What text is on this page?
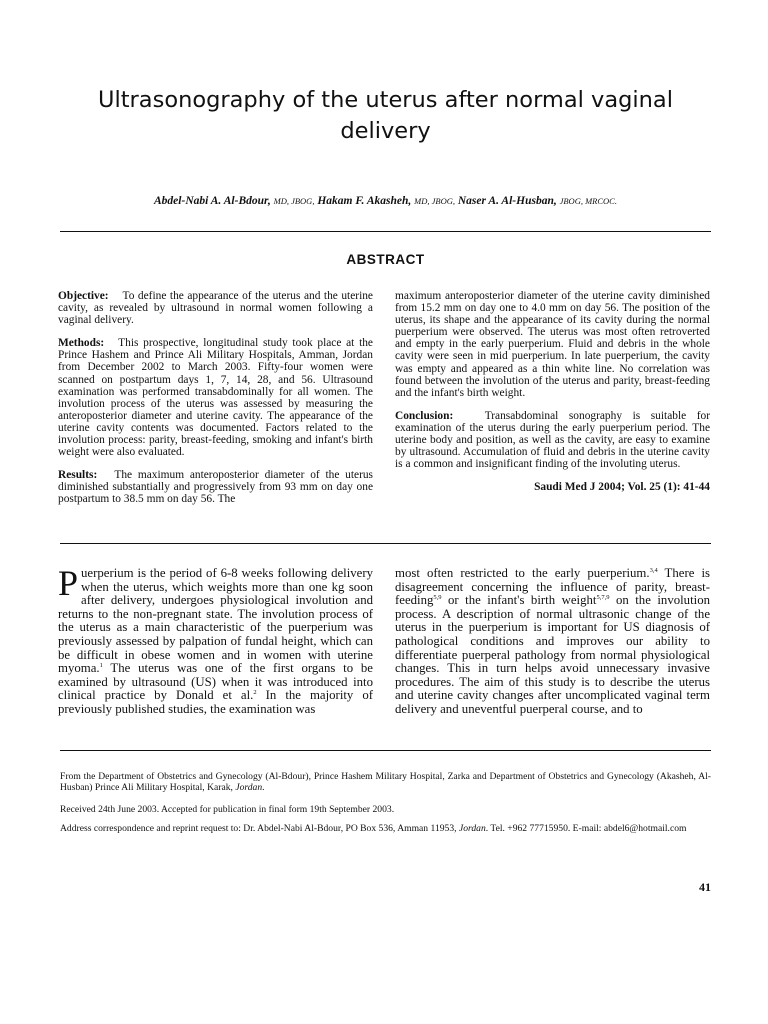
Ultrasonography of the uterus after normal vaginal delivery
Abdel-Nabi A. Al-Bdour, MD, JBOG, Hakam F. Akasheh, MD, JBOG, Naser A. Al-Husban, JBOG, MRCOC.
ABSTRACT

Objective: To define the appearance of the uterus and the uterine cavity, as revealed by ultrasound in normal women following a vaginal delivery.

Methods: This prospective, longitudinal study took place at the Prince Hashem and Prince Ali Military Hospitals, Amman, Jordan from December 2002 to March 2003. Fifty-four women were scanned on postpartum days 1, 7, 14, 28, and 56. Ultrasound examination was performed transabdominally for all women. The involution process of the uterus was assessed by measuring the anteroposterior diameter and uterine cavity. The appearance of the uterine cavity contents was documented. Factors related to the involution process: parity, breast-feeding, smoking and infant's birth weight were also evaluated.

Results: The maximum anteroposterior diameter of the uterus diminished substantially and progressively from 93 mm on day one postpartum to 38.5 mm on day 56. The

maximum anteroposterior diameter of the uterine cavity diminished from 15.2 mm on day one to 4.0 mm on day 56. The position of the uterus, its shape and the appearance of its cavity during the normal puerperium were observed. The uterus was most often retroverted and empty in the early puerperium. Fluid and debris in the whole cavity were seen in mid puerperium. In late puerperium, the cavity was empty and appeared as a thin white line. No correlation was found between the involution of the uterus and parity, breast-feeding and the infant's birth weight.

Conclusion:	Transabdominal sonography is suitable for examination of the uterus during the early puerperium period. The uterine body and position, as well as the cavity, are easy to examine by ultrasound. Accumulation of fluid and debris in the uterine cavity is a common and insignificant finding of the involuting uterus.

Saudi Med J 2004; Vol. 25 (1): 41-44

Puerperium is the period of 6-8 weeks following delivery when the uterus, which weights more than one kg soon after delivery, undergoes physiological involution and returns to the non-pregnant state. The involution process of the uterus as a main characteristic of the puerperium was previously assessed by palpation of fundal height, which can be difficult in obese women and in women with uterine myoma.$^1$ The uterus was one of the first organs to be examined by ultrasound (US) when it was introduced into clinical practice by Donald et al.$^2$ In the majority of previously published studies, the examination was

most often restricted to the early puerperium.$^{3,4}$ There is disagreement concerning the influence of parity, breast-feeding$^{5,9}$ or the infant's birth weight$^{5,7,9}$ on the involution process. A description of normal ultrasonic change of the uterus in the puerperium is important for US diagnosis of pathological conditions and improves our ability to differentiate puerperal pathology from normal physiological changes. This in turn helps avoid unnecessary invasive procedures. The aim of this study is to describe the uterus and uterine cavity changes after uncomplicated vaginal term delivery and uneventful puerperal course, and to

From the Department of Obstetrics and Gynecology (Al-Bdour), Prince Hashem Military Hospital, Zarka and Department of Obstetrics and Gynecology (Akasheh, Al-Husban) Prince Ali Military Hospital, Karak, Jordan.
Received 24th June 2003. Accepted for publication in final form 19th September 2003.
Address correspondence and reprint request to: Dr. Abdel-Nabi Al-Bdour, PO Box 536, Amman 11953, Jordan. Tel. +962 77715950. E-mail: abdel6@hotmail.com
41
